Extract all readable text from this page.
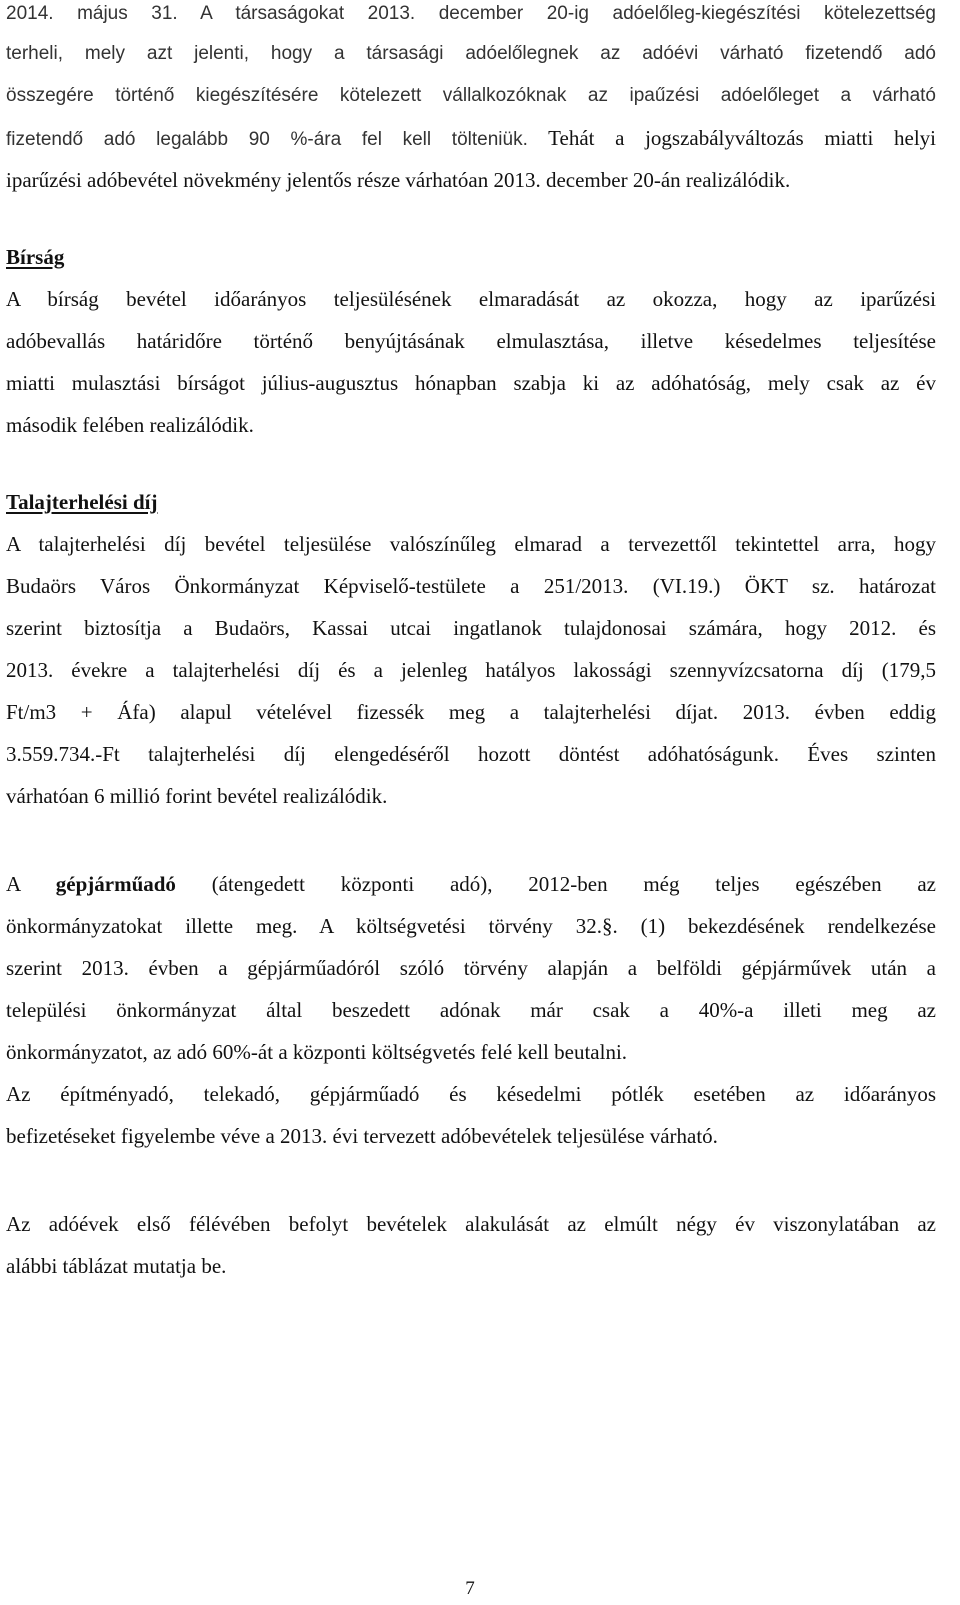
2014. május 31. A társaságokat 2013. december 20-ig adóelőleg-kiegészítési kötelezettség
terheli, mely azt jelenti, hogy a társasági adóelőlegnek az adóévi várható fizetendő adó
összegére történő kiegészítésére kötelezett vállalkozóknak az ipaűzési adóelőleget a várható
fizetendő adó legalább 90 %-ára fel kell tölteniük. Tehát a jogszabályváltozás miatti helyi
iparűzési adóbevétel növekmény jelentős része várhatóan 2013. december 20-án realizálódik.
Bírság
A bírság bevétel időarányos teljesülésének elmaradását az okozza, hogy az iparűzési
adóbevallás határidőre történő benyújtásának elmulasztása, illetve késedelmes teljesítése
miatti mulasztási bírságot július-augusztus hónapban szabja ki az adóhatóság, mely csak az év
második felében realizálódik.
Talajterhelési díj
A talajterhelési díj bevétel teljesülése valószínűleg elmarad a tervezettől tekintettel arra, hogy
Budaörs Város Önkormányzat Képviselő-testülete a 251/2013. (VI.19.) ÖKT sz. határozat
szerint biztosítja a Budaörs, Kassai utcai ingatlanok tulajdonosai számára, hogy 2012. és
2013. évekre a talajterhelési díj és a jelenleg hatályos lakossági szennyvízcsatorna díj (179,5
Ft/m3 + Áfa) alapul vételével fizessék meg a talajterhelési díjat. 2013. évben eddig
3.559.734.-Ft talajterhelési díj elengedéséről hozott döntést adóhatóságunk. Éves szinten
várhatóan 6 millió forint bevétel realizálódik.
A gépjárműadó (átengedett központi adó), 2012-ben még teljes egészében az
önkormányzatokat illette meg. A költségvetési törvény 32.§. (1) bekezdésének rendelkezése
szerint 2013. évben a gépjárműadóról szóló törvény alapján a belföldi gépjárművek után a
települési önkormányzat által beszedett adónak már csak a 40%-a illeti meg az
önkormányzatot, az adó 60%-át a központi költségvetés felé kell beutalni.
Az építményadó, telekadó, gépjárműadó és késedelmi pótlék esetében az időarányos
befizetéseket figyelembe véve a 2013. évi tervezett adóbevételek teljesülése várható.
Az adóévek első félévében befolyt bevételek alakulását az elmúlt négy év viszonylatában az
alábbi táblázat mutatja be.
7
